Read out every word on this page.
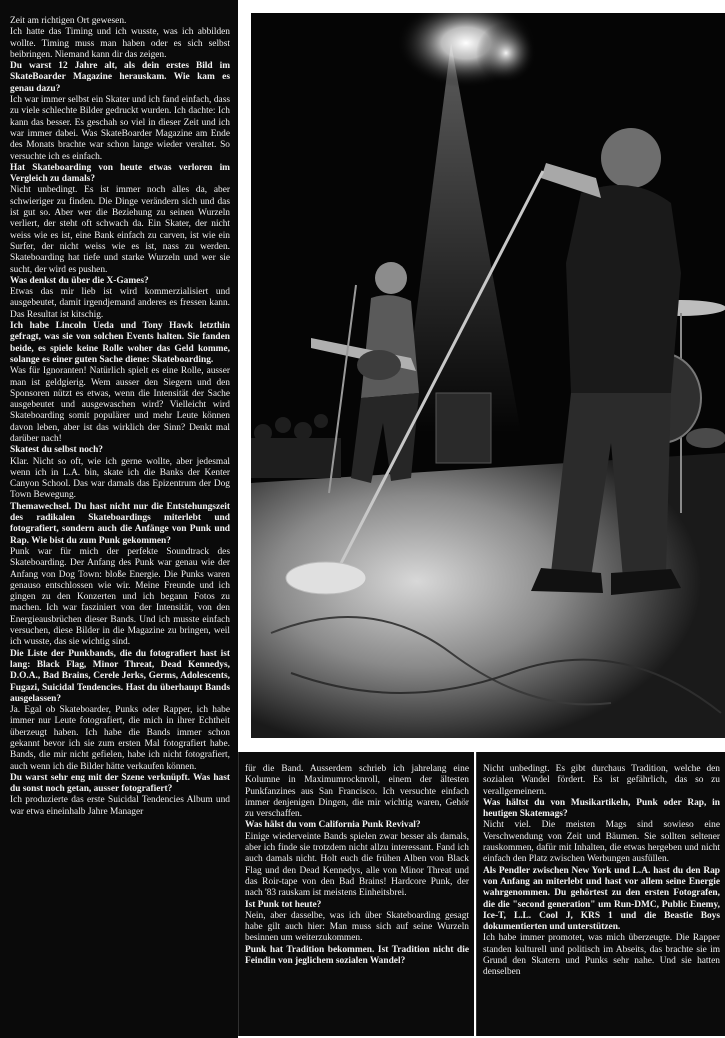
Zeit am richtigen Ort gewesen.
Ich hatte das Timing und ich wusste, was ich abbilden wollte. Timing muss man haben oder es sich selbst beibringen. Niemand kann dir das zeigen.
Du warst 12 Jahre alt, als dein erstes Bild im SkateBoarder Magazine herauskam. Wie kam es genau dazu?
Ich war immer selbst ein Skater und ich fand einfach, dass zu viele schlechte Bilder gedruckt wurden. Ich dachte: Ich kann das besser. Es geschah so viel in dieser Zeit und ich war immer dabei. Was SkateBoarder Magazine am Ende des Monats brachte war schon lange wieder veraltet. So versuchte ich es einfach.
Hat Skateboarding von heute etwas verloren im Vergleich zu damals?
Nicht unbedingt. Es ist immer noch alles da, aber schwieriger zu finden. Die Dinge verändern sich und das ist gut so. Aber wer die Beziehung zu seinen Wurzeln verliert, der steht oft schwach da. Ein Skater, der nicht weiss wie es ist, eine Bank einfach zu carven, ist wie ein Surfer, der nicht weiss wie es ist, nass zu werden. Skateboarding hat tiefe und starke Wurzeln und wer sie sucht, der wird es pushen.
Was denkst du über die X-Games?
Etwas das mir lieb ist wird kommerzialisiert und ausgebeutet, damit irgendjemand anderes es fressen kann. Das Resultat ist kitschig.
Ich habe Lincoln Ueda und Tony Hawk letzthin gefragt, was sie von solchen Events halten. Sie fanden beide, es spiele keine Rolle woher das Geld komme, solange es einer guten Sache diene: Skateboarding.
Was für Ignoranten! Natürlich spielt es eine Rolle, ausser man ist geldgierig. Wem ausser den Siegern und den Sponsoren nützt es etwas, wenn die Intensität der Sache ausgebeutet und ausgewaschen wird? Vielleicht wird Skateboarding somit populärer und mehr Leute können davon leben, aber ist das wirklich der Sinn? Denkt mal darüber nach!
Skatest du selbst noch?
Klar. Nicht so oft, wie ich gerne wollte, aber jedesmal wenn ich in L.A. bin, skate ich die Banks der Kenter Canyon School. Das war damals das Epizentrum der Dog Town Bewegung.
Themawechsel. Du hast nicht nur die Entstehungszeit des radikalen Skateboardings miterlebt und fotografiert, sondern auch die Anfänge von Punk und Rap. Wie bist du zum Punk gekommen?
Punk war für mich der perfekte Soundtrack des Skateboarding. Der Anfang des Punk war genau wie der Anfang von Dog Town: bloße Energie. Die Punks waren genauso entschlossen wie wir. Meine Freunde und ich gingen zu den Konzerten und ich begann Fotos zu machen. Ich war fasziniert von der Intensität, von den Energieausbrüchen dieser Bands. Und ich musste einfach versuchen, diese Bilder in die Magazine zu bringen, weil ich wusste, das sie wichtig sind.
Die Liste der Punkbands, die du fotografiert hast ist lang: Black Flag, Minor Threat, Dead Kennedys, D.O.A., Bad Brains, Cerele Jerks, Germs, Adolescents, Fugazi, Suicidal Tendencies. Hast du überhaupt Bands ausgelassen?
Ja. Egal ob Skateboarder, Punks oder Rapper, ich habe immer nur Leute fotografiert, die mich in ihrer Echtheit überzeugt haben. Ich habe die Bands immer schon gekannt bevor ich sie zum ersten Mal fotografiert habe. Bands, die mir nicht gefielen, habe ich nicht fotografiert, auch wenn ich die Bilder hätte verkaufen können.
Du warst sehr eng mit der Szene verknüpft. Was hast du sonst noch getan, ausser fotografiert?
Ich produzierte das erste Suicidal Tendencies Album und war etwa eineinhalb Jahre Manager
für die Band. Ausserdem schrieb ich jahrelang eine Kolumne in Maximumrocknroll, einem der ältesten Punkfanzines aus San Francisco. Ich versuchte einfach immer denjenigen Dingen, die mir wichtig waren, Gehör zu verschaffen.
Was hälst du vom California Punk Revival?
Einige wiederveinte Bands spielen zwar besser als damals, aber ich finde sie trotzdem nicht allzu interessant. Fand ich auch damals nicht. Holt euch die frühen Alben von Black Flag und den Dead Kennedys, alle von Minor Threat und das Roir-tape von den Bad Brains! Hardcore Punk, der nach '83 rauskam ist meistens Einheitsbrei.
Ist Punk tot heute?
Nein, aber dasselbe, was ich über Skateboarding gesagt habe gilt auch hier: Man muss sich auf seine Wurzeln besinnen um weiterzukommen.
Punk hat Tradition bekommen. Ist Tradition nicht die Feindin von jeglichem sozialen Wandel?
Nicht unbedingt. Es gibt durchaus Tradition, welche den sozialen Wandel fördert. Es ist gefährlich, das so zu verallgemeinern.
Was hältst du von Musikartikeln, Punk oder Rap, in heutigen Skatemags?
Nicht viel. Die meisten Mags sind sowieso eine Verschwendung von Zeit und Bäumen. Sie sollten seltener rauskommen, dafür mit Inhalten, die etwas hergeben und nicht einfach den Platz zwischen Werbungen ausfüllen.
Als Pendler zwischen New York und L.A. hast du den Rap von Anfang an miterlebt und hast vor allem seine Energie wahrgenommen. Du gehörtest zu den ersten Fotografen, die die "second generation" um Run-DMC, Public Enemy, Ice-T, L.L. Cool J, KRS 1 und die Beastie Boys dokumentierten und unterstützen.
Ich habe immer promotet, was mich überzeugte. Die Rapper standen kulturell und politisch im Abseits, das brachte sie im Grund den Skatern und Punks sehr nahe. Und sie hatten denselben
